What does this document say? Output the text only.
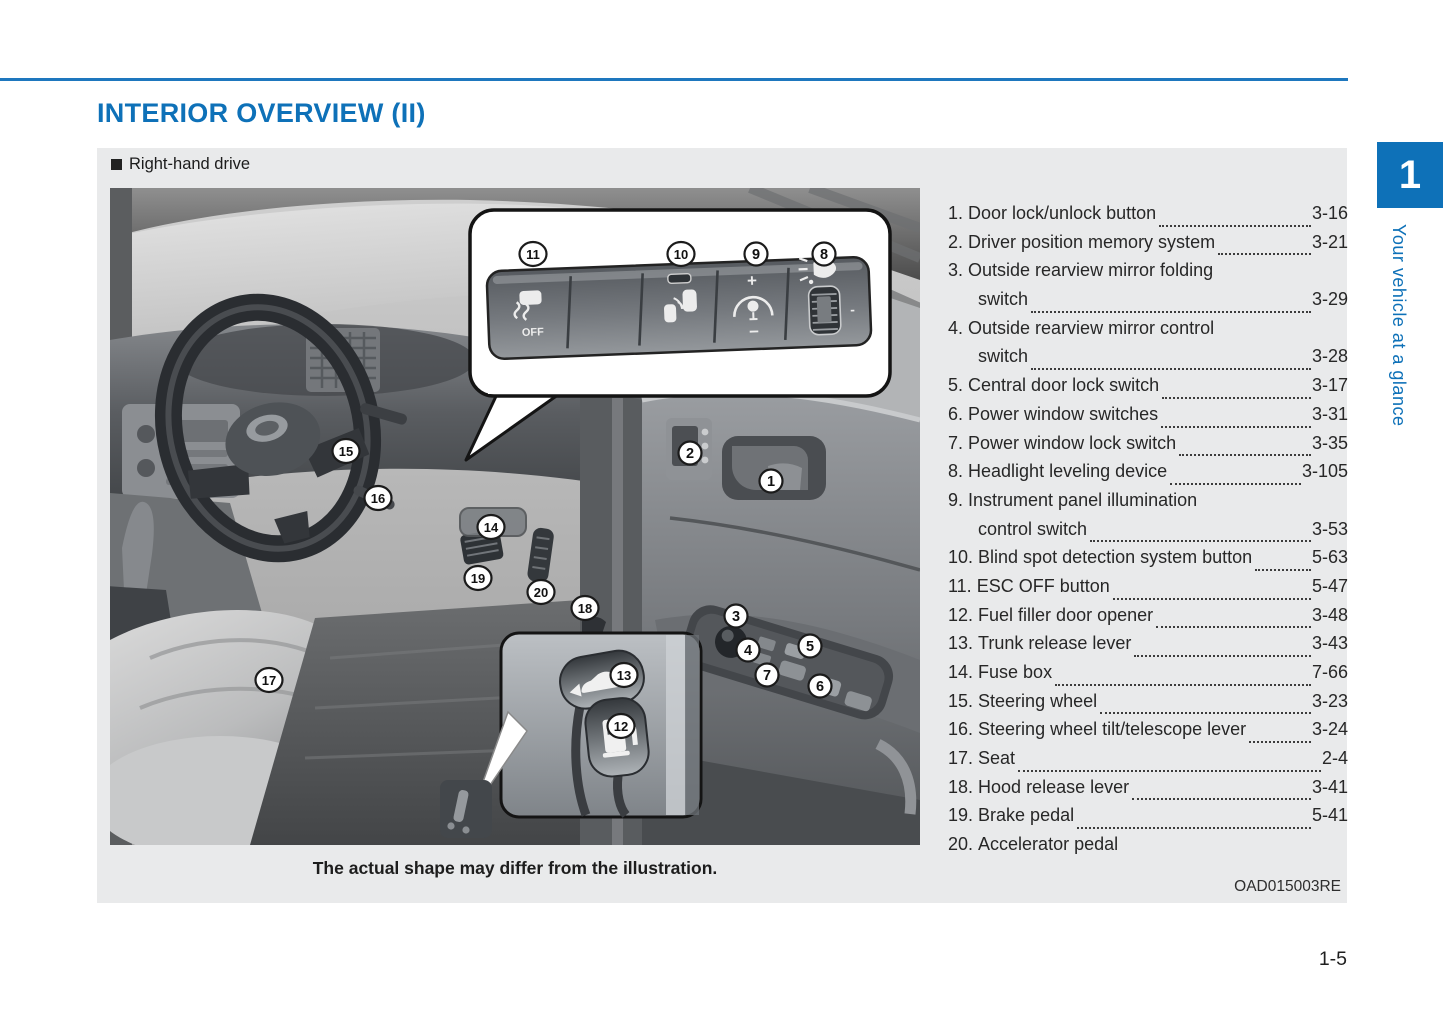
INTERIOR OVERVIEW (II)
Right-hand drive
OFF
+
−
-
1
2
3
4	5
6
7
8
9
10
11
12
13
14
15
16
17
18
19
20
The actual shape may differ from the illustration.
OAD015003RE
1. Door lock/unlock button	3-16
2. Driver position memory system	3-21
3. Outside rearview mirror folding
switch	3-29
4. Outside rearview mirror control
switch	3-28
5. Central door lock switch	3-17
6. Power window switches	3-31
7. Power window lock switch	3-35
8. Headlight leveling device	3-105
9. Instrument panel illumination
control switch	3-53
10. Blind spot detection system button	5-63
11. ESC OFF button	5-47
12. Fuel filler door opener	3-48
13. Trunk release lever	3-43
14. Fuse box	7-66
15. Steering wheel	3-23
16. Steering wheel tilt/telescope lever	3-24
17. Seat	2-4
18. Hood release lever	3-41
19. Brake pedal	5-41
20. Accelerator pedal
1
Your vehicle at a glance
1-5
